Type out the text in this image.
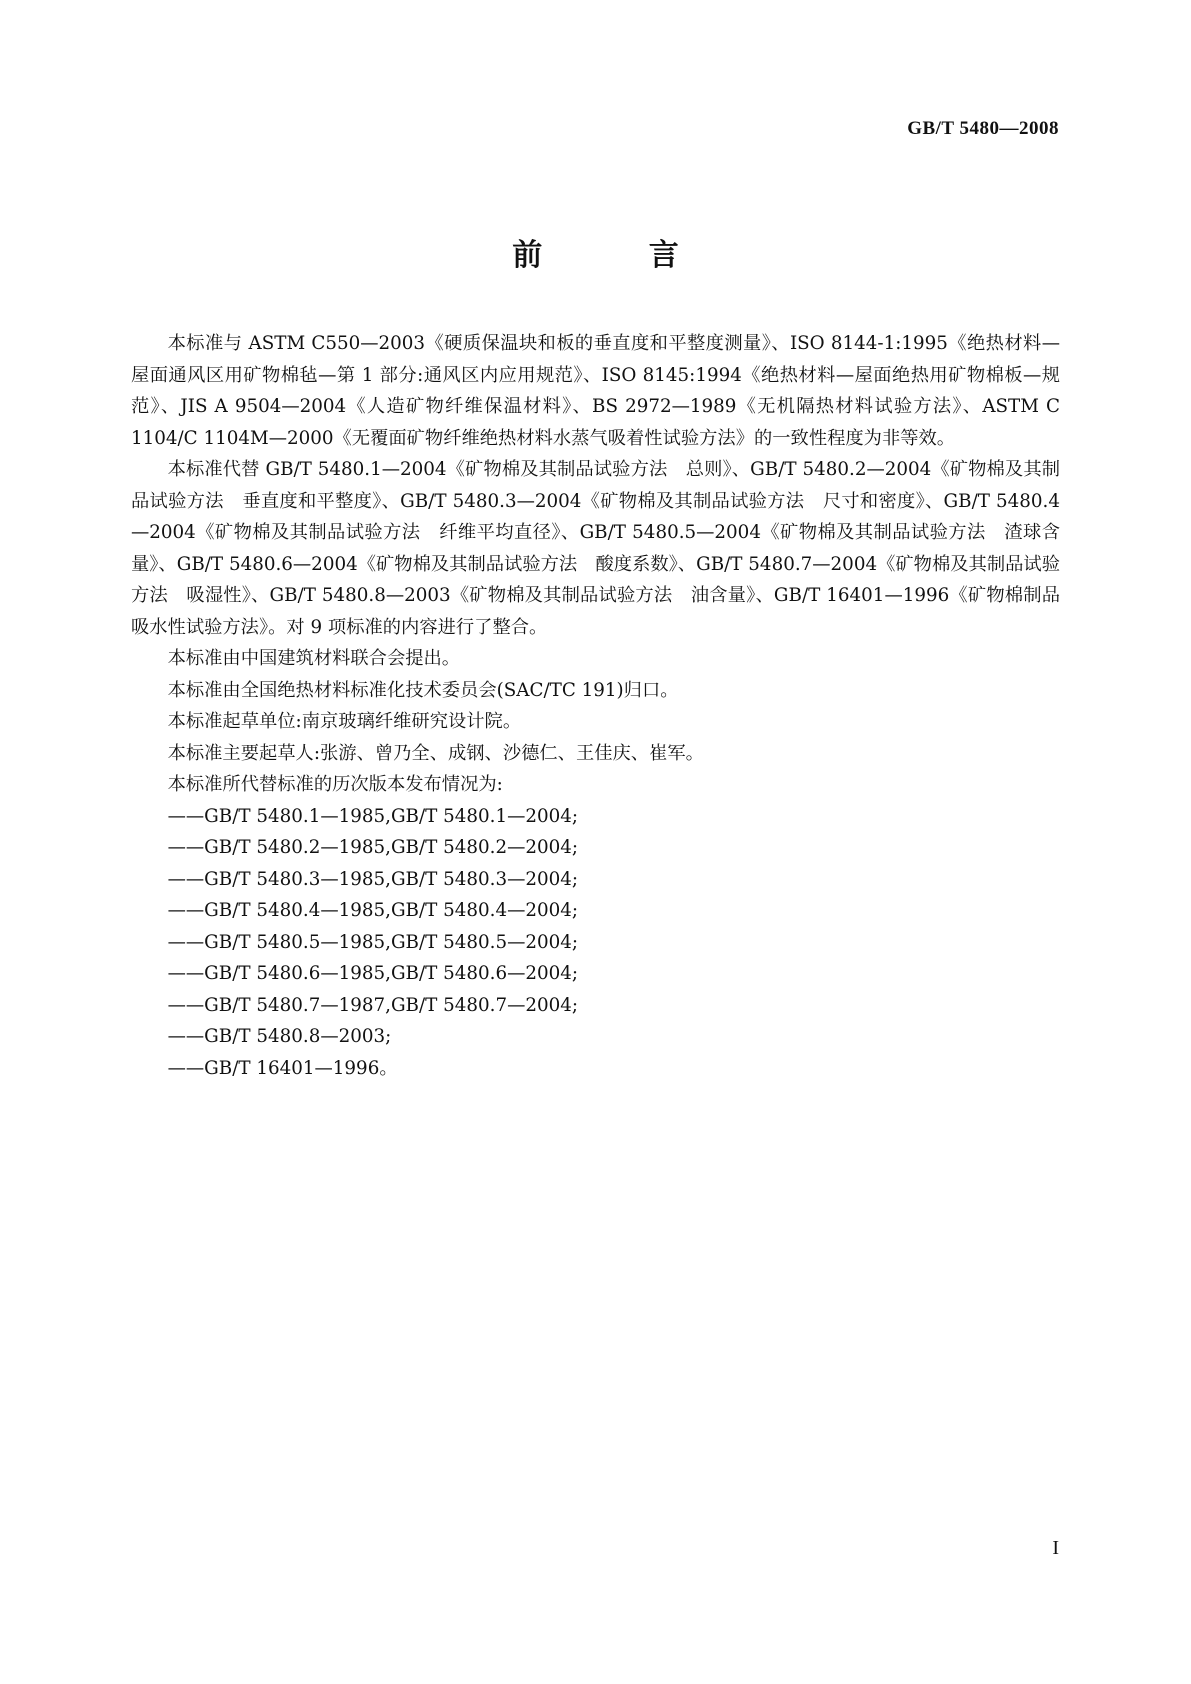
GB/T 5480—2008
前 言

本标准与 ASTM C550—2003《硬质保温块和板的垂直度和平整度测量》、ISO 8144-1:1995《绝热材料—屋面通风区用矿物棉毡—第 1 部分:通风区内应用规范》、ISO 8145:1994《绝热材料—屋面绝热用矿物棉板—规范》、JIS A 9504—2004《人造矿物纤维保温材料》、BS 2972—1989《无机隔热材料试验方法》、ASTM C 1104/C 1104M—2000《无覆面矿物纤维绝热材料水蒸气吸着性试验方法》的一致性程度为非等效。

本标准代替 GB/T 5480.1—2004《矿物棉及其制品试验方法　总则》、GB/T 5480.2—2004《矿物棉及其制品试验方法　垂直度和平整度》、GB/T 5480.3—2004《矿物棉及其制品试验方法　尺寸和密度》、GB/T 5480.4—2004《矿物棉及其制品试验方法　纤维平均直径》、GB/T 5480.5—2004《矿物棉及其制品试验方法　渣球含量》、GB/T 5480.6—2004《矿物棉及其制品试验方法　酸度系数》、GB/T 5480.7—2004《矿物棉及其制品试验方法　吸湿性》、GB/T 5480.8—2003《矿物棉及其制品试验方法　油含量》、GB/T 16401—1996《矿物棉制品吸水性试验方法》。对 9 项标准的内容进行了整合。

本标准由中国建筑材料联合会提出。

本标准由全国绝热材料标准化技术委员会(SAC/TC 191)归口。

本标准起草单位:南京玻璃纤维研究设计院。

本标准主要起草人:张游、曾乃全、成钢、沙德仁、王佳庆、崔军。

本标准所代替标准的历次版本发布情况为:

——GB/T 5480.1—1985,GB/T 5480.1—2004;

——GB/T 5480.2—1985,GB/T 5480.2—2004;

——GB/T 5480.3—1985,GB/T 5480.3—2004;

——GB/T 5480.4—1985,GB/T 5480.4—2004;

——GB/T 5480.5—1985,GB/T 5480.5—2004;

——GB/T 5480.6—1985,GB/T 5480.6—2004;

——GB/T 5480.7—1987,GB/T 5480.7—2004;

——GB/T 5480.8—2003;

——GB/T 16401—1996。

I
